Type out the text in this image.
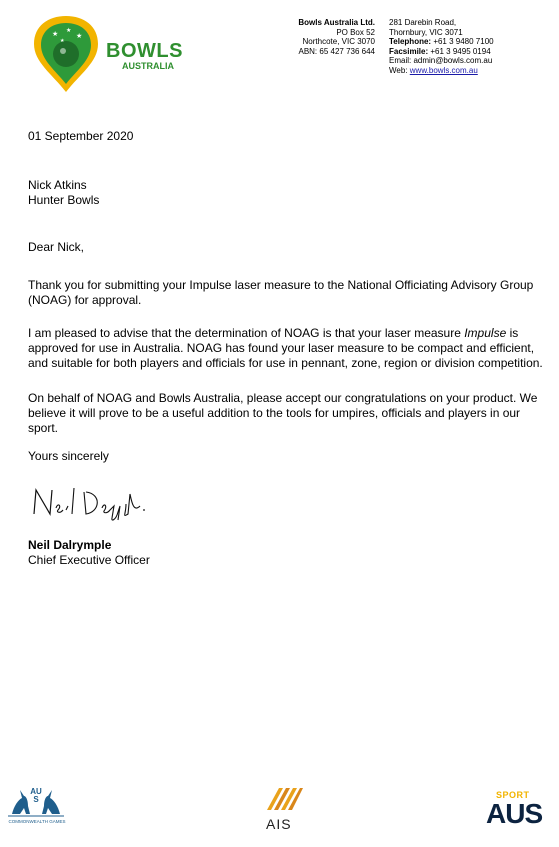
★ ★
★
★ BOWLS
AUSTRALIA
Bowls Australia Ltd.
PO Box 52
Northcote, VIC 3070
ABN: 65 427 736 644
281 Darebin Road,
Thornbury, VIC 3071
Telephone: +61 3 9480 7100
Facsimile: +61 3 9495 0194
Email: admin@bowls.com.au
Web: www.bowls.com.au
01 September 2020
Nick Atkins
Hunter Bowls
Dear Nick,

Thank you for submitting your Impulse laser measure to the National Officiating Advisory Group (NOAG) for approval.

I am pleased to advise that the determination of NOAG is that your laser measure Impulse is approved for use in Australia. NOAG has found your laser measure to be compact and efficient, and suitable for both players and officials for use in pennant, zone, region or division competition.

On behalf of NOAG and Bowls Australia, please accept our congratulations on your product. We believe it will prove to be a useful addition to the tools for umpires, officials and players in our sport.

Yours sincerely
Neil Dalrymple
Chief Executive Officer
AUS
COMMONWEALTH GAMES	AIS
SPORT
AUS
